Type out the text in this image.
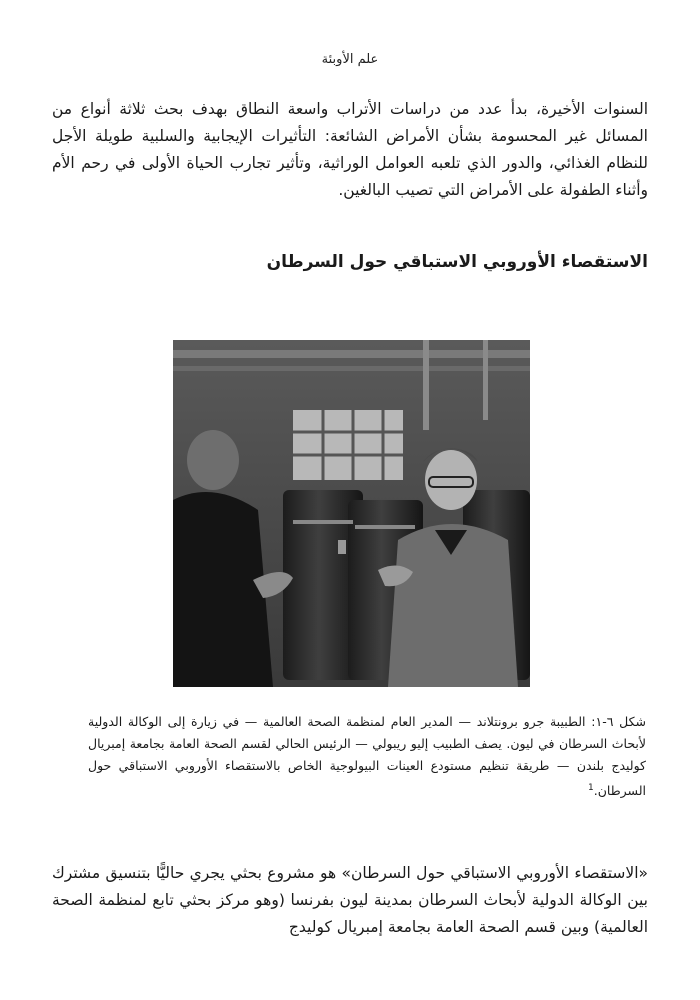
علم الأوبئة

السنوات الأخيرة، بدأ عدد من دراسات الأتراب واسعة النطاق بهدف بحث ثلاثة أنواع من المسائل غير المحسومة بشأن الأمراض الشائعة: التأثيرات الإيجابية والسلبية طويلة الأجل للنظام الغذائي، والدور الذي تلعبه العوامل الوراثية، وتأثير تجارب الحياة الأولى في رحم الأم وأثناء الطفولة على الأمراض التي تصيب البالغين.

الاستقصاء الأوروبي الاستباقي حول السرطان

شكل ٦-١: الطبيبة جرو برونتلاند — المدير العام لمنظمة الصحة العالمية — في زيارة إلى الوكالة الدولية لأبحاث السرطان في ليون. يصف الطبيب إليو ريبولي — الرئيس الحالي لقسم الصحة العامة بجامعة إمبريال كوليدج بلندن — طريقة تنظيم مستودع العينات البيولوجية الخاص بالاستقصاء الأوروبي الاستباقي حول السرطان.$^1$

«الاستقصاء الأوروبي الاستباقي حول السرطان» هو مشروع بحثي يجري حاليًّا بتنسيق مشترك بين الوكالة الدولية لأبحاث السرطان بمدينة ليون بفرنسا (وهو مركز بحثي تابع لمنظمة الصحة العالمية) وبين قسم الصحة العامة بجامعة إمبريال كوليدج
